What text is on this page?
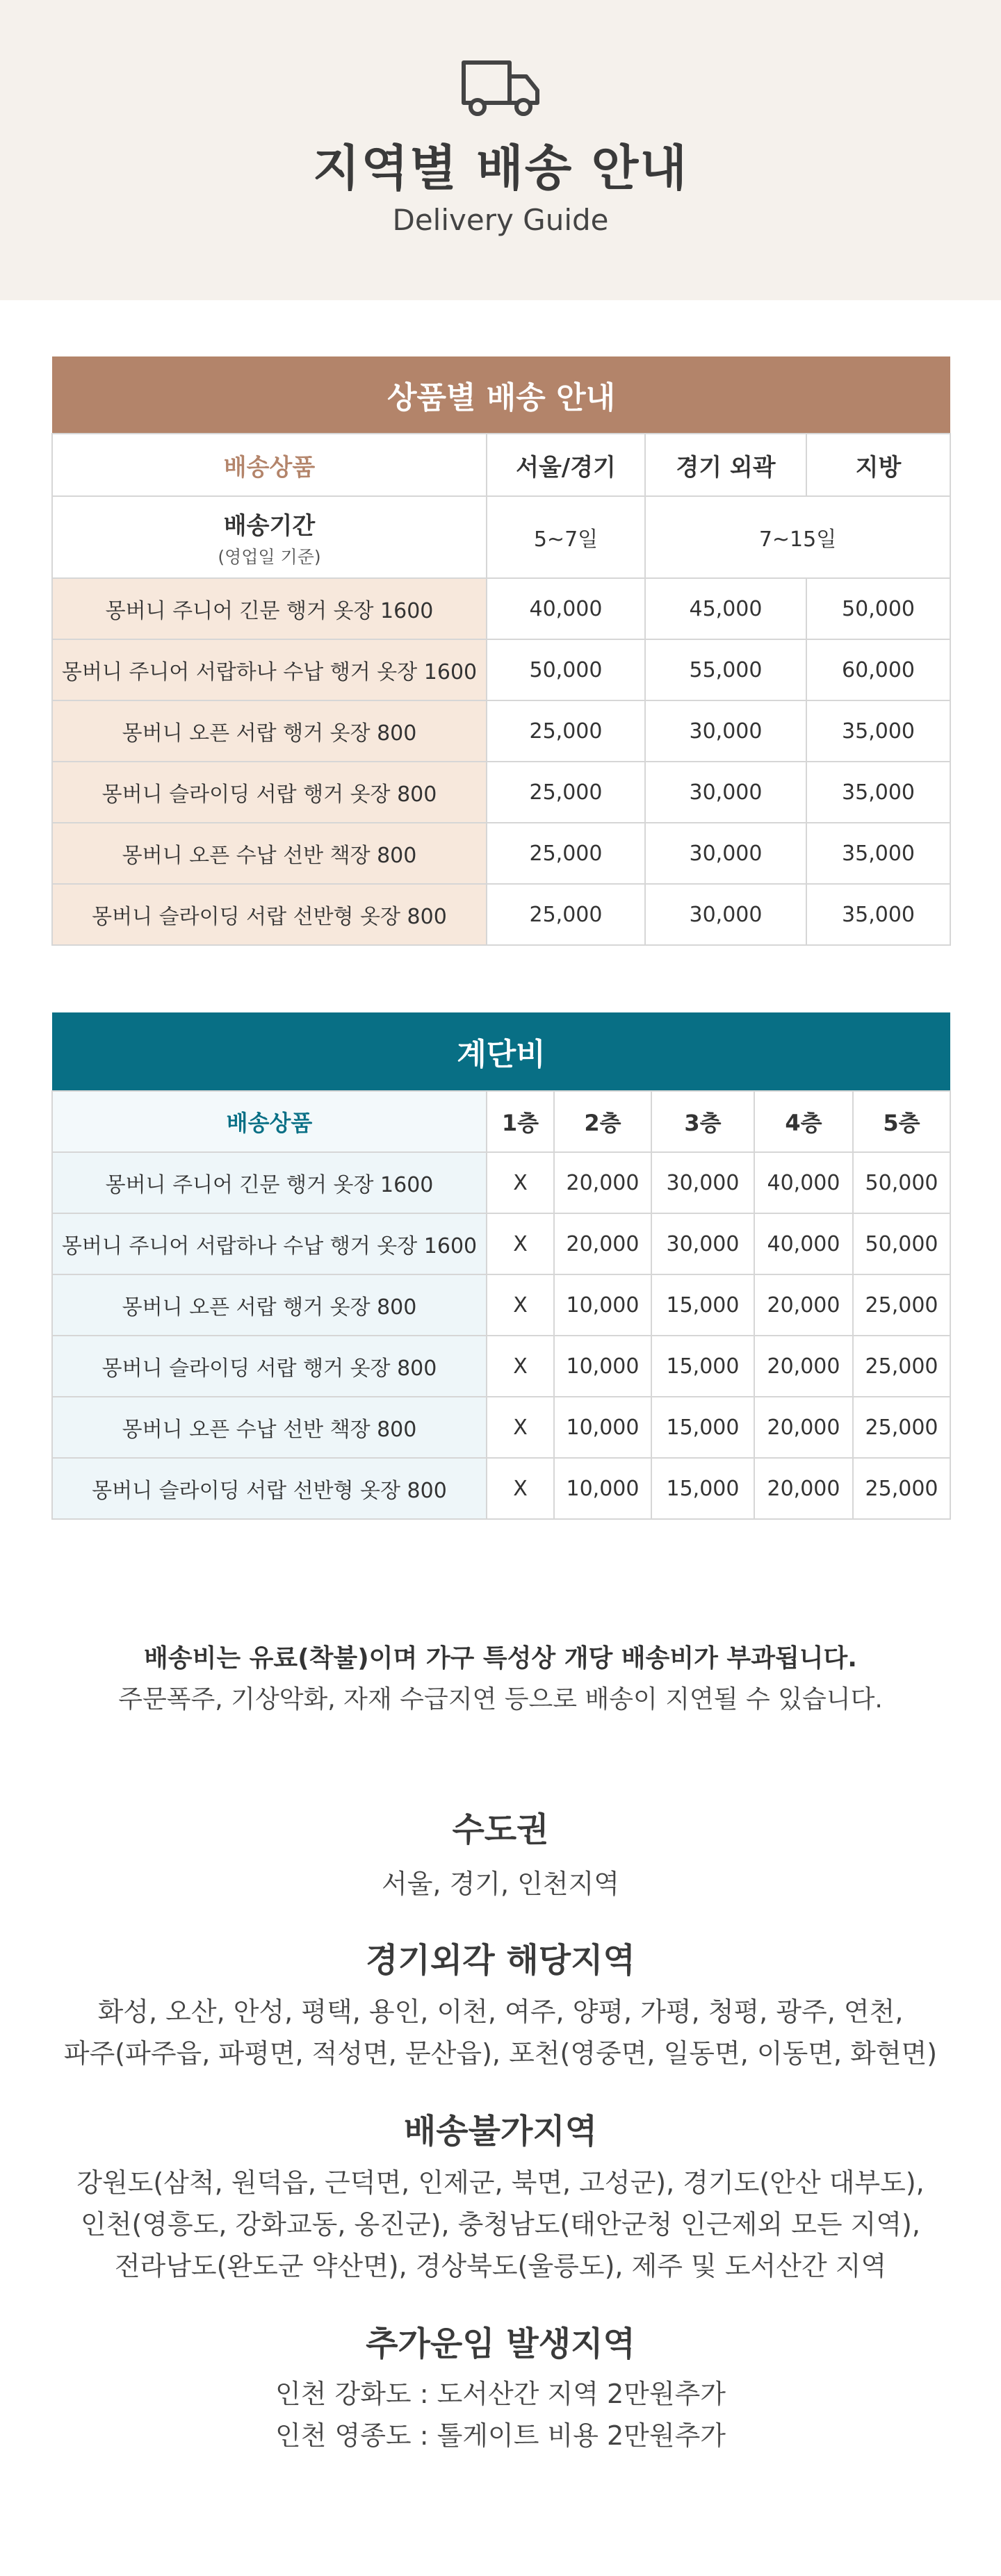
지역별 배송 안내
Delivery Guide
상품별 배송 안내			
배송상품	서울/경기	경기 외곽	지방

배송기간
(영업일 기준)	5~7일	7~15일	
몽버니 주니어 긴문 행거 옷장 1600	40,000	45,000	50,000
몽버니 주니어 서랍하나 수납 행거 옷장 1600	50,000	55,000	60,000
몽버니 오픈 서랍 행거 옷장 800	25,000	30,000	35,000
몽버니 슬라이딩 서랍 행거 옷장 800	25,000	30,000	35,000
몽버니 오픈 수납 선반 책장 800	25,000	30,000	35,000
몽버니 슬라이딩 서랍 선반형 옷장 800	25,000	30,000	35,000
계단비					
배송상품	1층	2층	3층	4층	5층
몽버니 주니어 긴문 행거 옷장 1600	X	20,000	30,000	40,000	50,000
몽버니 주니어 서랍하나 수납 행거 옷장 1600	X	20,000	30,000	40,000	50,000
몽버니 오픈 서랍 행거 옷장 800	X	10,000	15,000	20,000	25,000
몽버니 슬라이딩 서랍 행거 옷장 800	X	10,000	15,000	20,000	25,000
몽버니 오픈 수납 선반 책장 800	X	10,000	15,000	20,000	25,000
몽버니 슬라이딩 서랍 선반형 옷장 800	X	10,000	15,000	20,000	25,000
배송비는 유료(착불)이며 가구 특성상 개당 배송비가 부과됩니다.
주문폭주, 기상악화, 자재 수급지연 등으로 배송이 지연될 수 있습니다.
수도권
서울, 경기, 인천지역
경기외각 해당지역
화성, 오산, 안성, 평택, 용인, 이천, 여주, 양평, 가평, 청평, 광주, 연천,
파주(파주읍, 파평면, 적성면, 문산읍), 포천(영중면, 일동면, 이동면, 화현면)
배송불가지역
강원도(삼척, 원덕읍, 근덕면, 인제군, 북면, 고성군), 경기도(안산 대부도),
인천(영흥도, 강화교동, 옹진군), 충청남도(태안군청 인근제외 모든 지역),
전라남도(완도군 약산면), 경상북도(울릉도), 제주 및 도서산간 지역
추가운임 발생지역
인천 강화도 : 도서산간 지역 2만원추가
인천 영종도 : 톨게이트 비용 2만원추가
